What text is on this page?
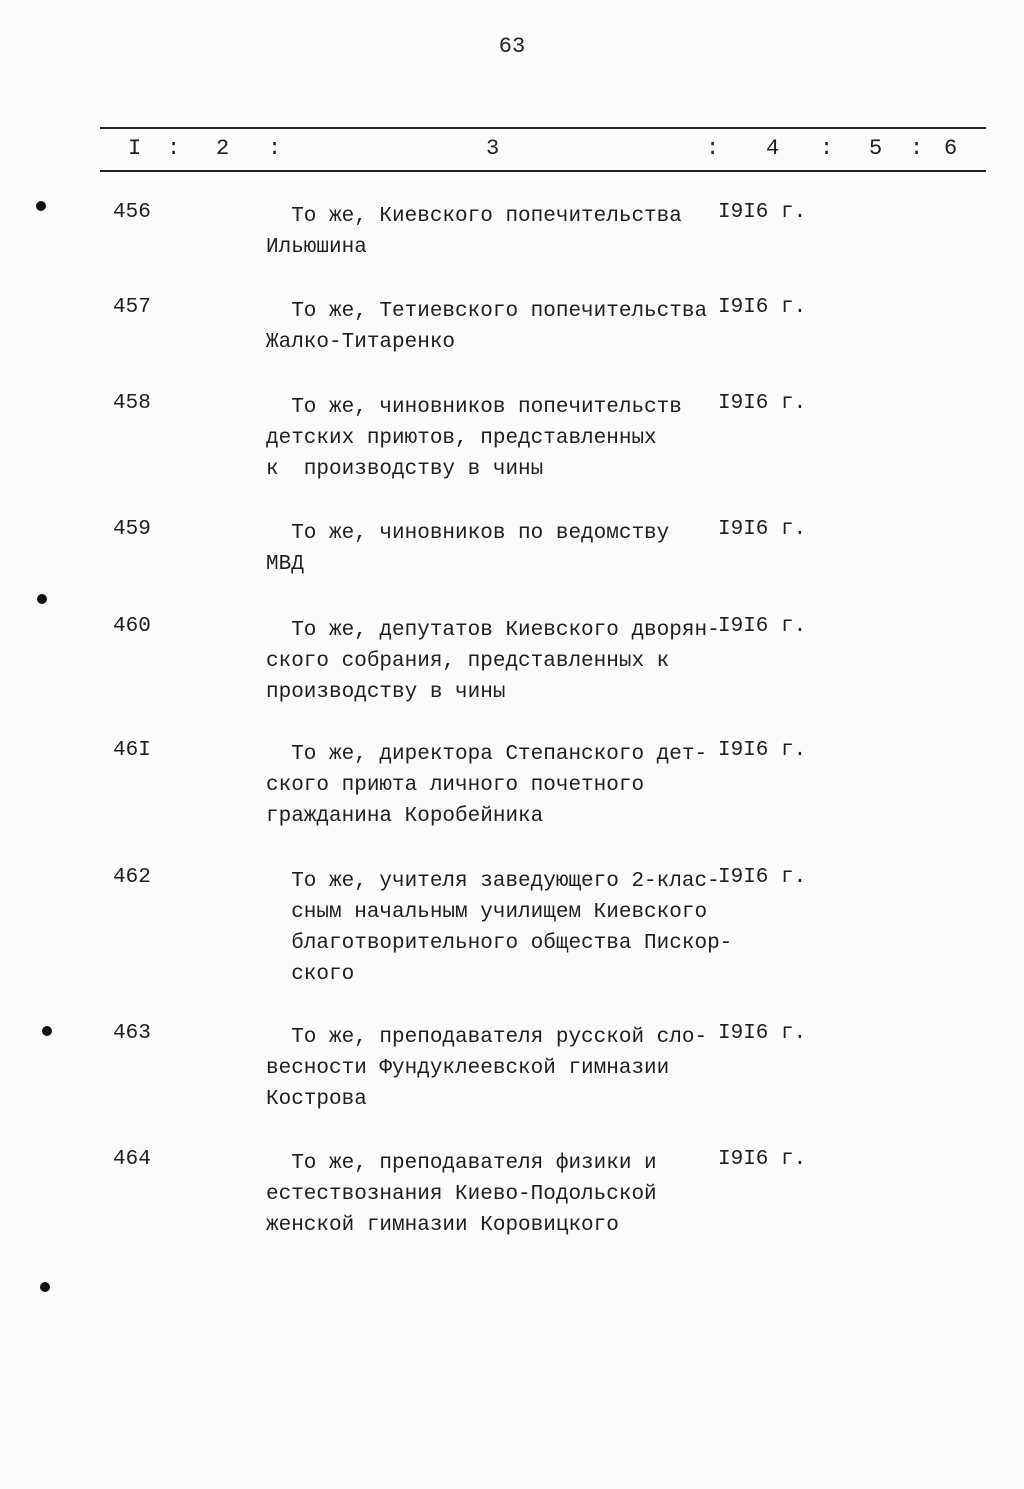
63
I : 2 :	3	: 4 : 5 : 6
456	То же, Киевского попечительства
Ильюшина
I9I6 г.
457	То же, Тетиевского попечительства
Жалко-Титаренко
I9I6 г.
458	То же, чиновников попечительств
детских приютов, представленных
к  производству в чины
I9I6 г.
459	То же, чиновников по ведомству
МВД
I9I6 г.
460	То же, депутатов Киевского дворян-
ского собрания, представленных к
производству в чины
I9I6 г.
46I	То же, директора Степанского дет-
ского приюта личного почетного
гражданина Коробейника
I9I6 г.
462	То же, учителя заведующего 2-клас-
сным начальным училищем Киевского
благотворительного общества Пискор-
ского
I9I6 г.
463	То же, преподавателя русской сло-
весности Фундуклеевской гимназии
Кострова
I9I6 г.
464	То же, преподавателя физики и
естествознания Киево-Подольской
женской гимназии Коровицкого
I9I6 г.
